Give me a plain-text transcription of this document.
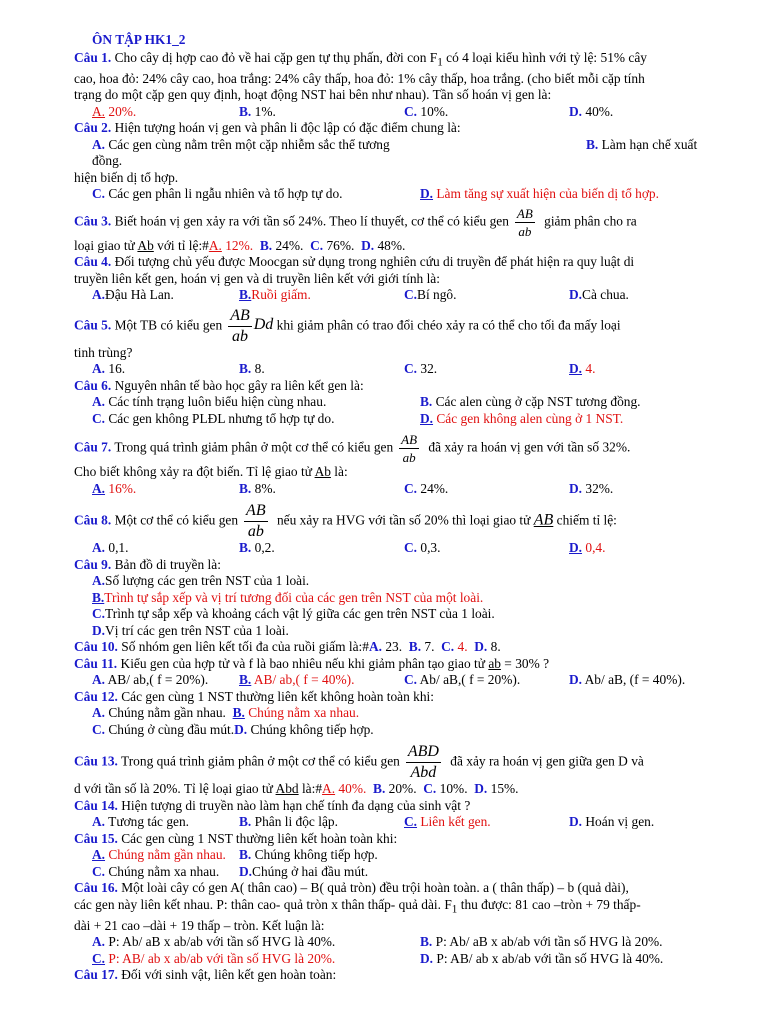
ÔN TẬP HK1_2
Câu 1. Cho cây dị hợp cao đỏ về hai cặp gen tự thụ phấn, đời con $F_1$ có 4 loại kiểu hình với tỷ lệ: 51% cây
cao, hoa đỏ: 24% cây cao, hoa trắng: 24% cây thấp, hoa đỏ: 1% cây thấp, hoa trắng. (cho biết mỗi cặp tính
trạng do một cặp gen quy định, hoạt động NST hai bên như nhau). Tần số hoán vị gen là:
A. 20%.	B. 1%.	C. 10%.	D. 40%.
Câu 2. Hiện tượng hoán vị gen và phân li độc lập có đặc điểm chung là:
A. Các gen cùng nằm trên một cặp nhiễm sắc thể tương đồng.
B. Làm hạn chế xuất
hiện biến dị tổ hợp.
C. Các gen phân li ngẫu nhiên và tổ hợp tự do.	D. Làm tăng sự xuất hiện của biến dị tổ hợp.
Câu 3. Biết hoán vị gen xảy ra với tần số 24%. Theo lí thuyết, cơ thể có kiểu gen $\frac{AB}{ab}$ giảm phân cho ra
loại giao tử Ab với tỉ lệ:#A. 12%. B. 24%. C. 76%. D. 48%.
Câu 4. Đối tượng chủ yếu được Moocgan sử dụng trong nghiên cứu di truyền để phát hiện ra quy luật di
truyền liên kết gen, hoán vị gen và di truyền liên kết với giới tính là:
A.Đậu Hà Lan.	B.Ruồi giấm.	C.Bí ngô.	D.Cà chua.
Câu 5. Một TB có kiểu gen $\frac{AB}{ab}$ Dd khi giảm phân có trao đổi chéo xảy ra có thể cho tối đa mấy loại
tinh trùng?
A. 16.	B. 8.	C. 32.	D. 4.
Câu 6. Nguyên nhân tế bào học gây ra liên kết gen là:
A. Các tính trạng luôn biểu hiện cùng nhau.	B. Các alen cùng ở cặp NST tương đồng.
C. Các gen không PLĐL nhưng tổ hợp tự do.	D. Các gen không alen cùng ở 1 NST.
Câu 7. Trong quá trình giảm phân ở một cơ thể có kiểu gen $\frac{AB}{ab}$ đã xảy ra hoán vị gen với tần số 32%.
Cho biết không xảy ra đột biến. Tỉ lệ giao tử Ab là:
A. 16%.	B. 8%.	C. 24%.	D. 32%.
Câu 8. Một cơ thể có kiểu gen $\frac{AB}{ab}$ nếu xảy ra HVG với tần số 20% thì loại giao tử AB chiếm tỉ lệ:
A. 0,1.	B. 0,2.	C. 0,3.	D. 0,4.
Câu 9. Bản đồ di truyền là:
A.Số lượng các gen trên NST của 1 loài.
B.Trình tự sắp xếp và vị trí tương đối của các gen trên NST của một loài.
C.Trình tự sắp xếp và khoảng cách vật lý giữa các gen trên NST của 1 loài.
D.Vị trí các gen trên NST của 1 loài.
Câu 10. Số nhóm gen liên kết tối đa của ruồi giấm là:#A. 23. B. 7. C. 4. D. 8.
Câu 11. Kiểu gen của hợp tử và f là bao nhiêu nếu khi giảm phân tạo giao tử ab = 30% ?
A. AB/ ab,( f = 20%).	B. AB/ ab,( f = 40%).	C. Ab/ aB,( f = 20%).	D. Ab/ aB, (f = 40%).
Câu 12. Các gen cùng 1 NST thường liên kết không hoàn toàn khi:
A. Chúng nằm gần nhau. B. Chúng nằm xa nhau.
C. Chúng ở cùng đầu mút.D. Chúng không tiếp hợp.
Câu 13. Trong quá trình giảm phân ở một cơ thể có kiểu gen $\frac{\text{ABD}}{\text{Abd}}$ đã xảy ra hoán vị gen giữa gen D và
d với tần số là 20%. Tỉ lệ loại giao tử Abd là:#A. 40%. B. 20%. C. 10%. D. 15%.
Câu 14. Hiện tượng di truyền nào làm hạn chế tính đa dạng của sinh vật ?
A. Tương tác gen.	B. Phân li độc lập.	C. Liên kết gen.	D. Hoán vị gen.
Câu 15. Các gen cùng 1 NST thường liên kết hoàn toàn khi:
A. Chúng nằm gần nhau. B. Chúng không tiếp hợp.
C. Chúng nằm xa nhau.	D.Chúng ở hai đầu mút.
Câu 16. Một loài cây có gen A( thân cao) – B( quả tròn) đều trội hoàn toàn. a ( thân thấp) – b (quả dài),
các gen này liên kết nhau. P: thân cao- quả tròn x thân thấp- quả dài. $F_1$ thu được: 81 cao –tròn + 79 thấp-
dài + 21 cao –dài + 19 thấp – tròn. Kết luận là:
A. P: Ab/ aB x ab/ab với tần số HVG là 40%.	B. P: Ab/ aB x ab/ab với tần số HVG là 20%.
C. P: AB/ ab x ab/ab với tần số HVG là 20%.	D. P: AB/ ab x ab/ab với tần số HVG là 40%.
Câu 17. Đối với sinh vật, liên kết gen hoàn toàn:
